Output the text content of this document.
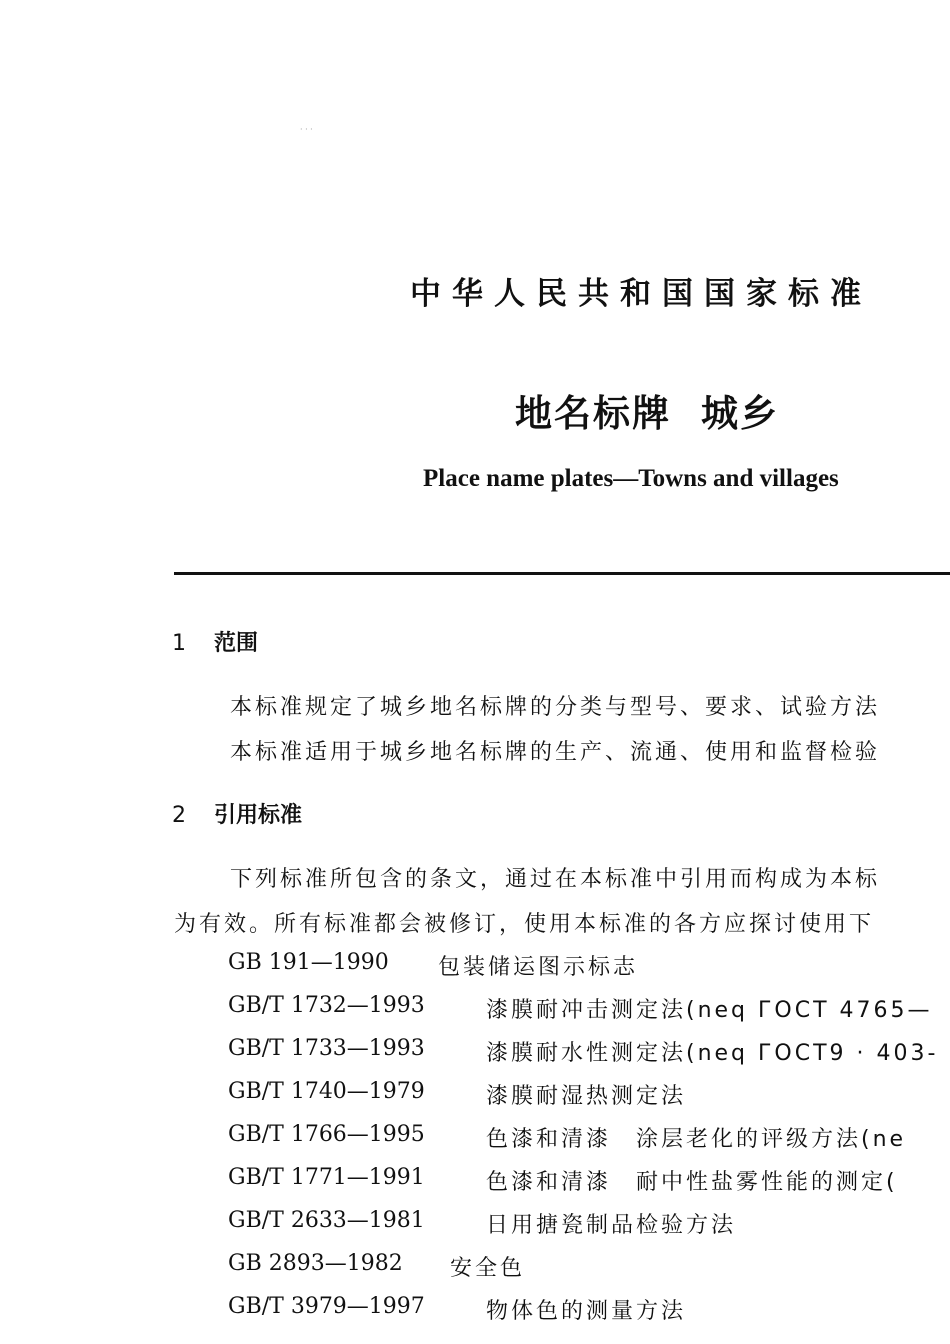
· · ·
中华人民共和国国家标准
地名标牌 城乡
Place name plates—Towns and villages
1 范围
本标准规定了城乡地名标牌的分类与型号、要求、试验方法
本标准适用于城乡地名标牌的生产、流通、使用和监督检验
2 引用标准
下列标准所包含的条文，通过在本标准中引用而构成为本标
为有效。所有标准都会被修订，使用本标准的各方应探讨使用下
GB 191—1990 包装储运图示标志
GB/T 1732—1993	漆膜耐冲击测定法(neq ГОСТ 4765—
GB/T 1733—1993	漆膜耐水性测定法(neq ГОСТ9 · 403-
GB/T 1740—1979	漆膜耐湿热测定法
GB/T 1766—1995	色漆和清漆　涂层老化的评级方法(ne
GB/T 1771—1991	色漆和清漆　耐中性盐雾性能的测定(
GB/T 2633—1981	日用搪瓷制品检验方法
GB 2893—1982 安全色
GB/T 3979—1997	物体色的测量方法
